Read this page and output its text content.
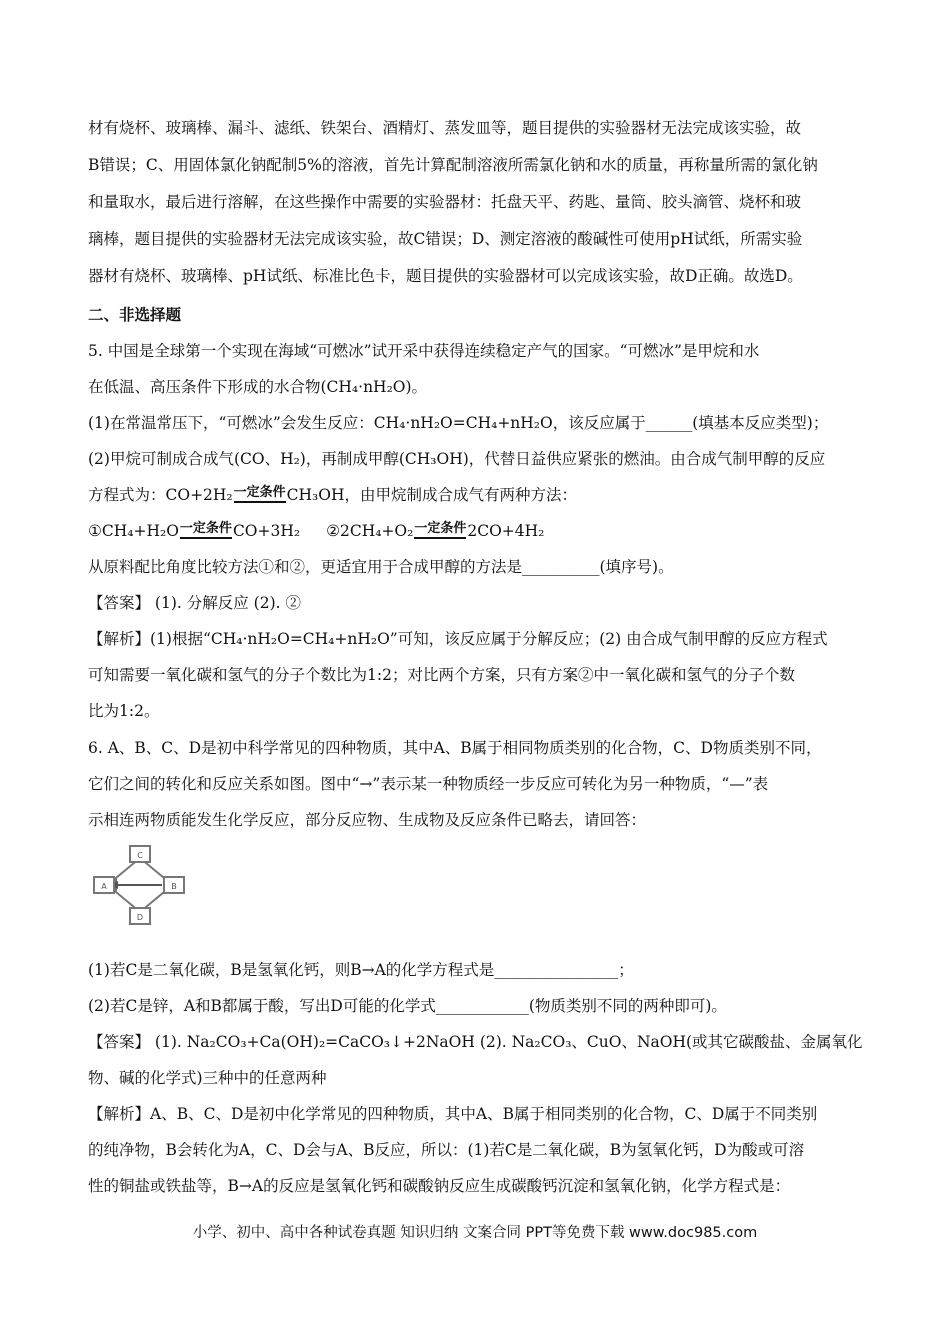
材有烧杯、玻璃棒、漏斗、滤纸、铁架台、酒精灯、蒸发皿等，题目提供的实验器材无法完成该实验，故
B错误；C、用固体氯化钠配制5%的溶液，首先计算配制溶液所需氯化钠和水的质量，再称量所需的氯化钠
和量取水，最后进行溶解，在这些操作中需要的实验器材：托盘天平、药匙、量筒、胶头滴管、烧杯和玻
璃棒，题目提供的实验器材无法完成该实验，故C错误；D、测定溶液的酸碱性可使用pH试纸，所需实验
器材有烧杯、玻璃棒、pH试纸、标准比色卡，题目提供的实验器材可以完成该实验，故D正确。故选D。
二、非选择题
5. 中国是全球第一个实现在海域“可燃冰”试开采中获得连续稳定产气的国家。“可燃冰”是甲烷和水
在低温、高压条件下形成的水合物(CH₄·nH₂O)。
(1)在常温常压下，“可燃冰”会发生反应：CH₄·nH₂O=CH₄+nH₂O，该反应属于______(填基本反应类型)；
(2)甲烷可制成合成气(CO、H₂)，再制成甲醇(CH₃OH)，代替日益供应紧张的燃油。由合成气制甲醇的反应
方程式为：CO+2H₂ 一定条件 CH₃OH，由甲烷制成合成气有两种方法：
①CH₄+H₂O 一定条件 CO+3H₂ ②2CH₄+O₂ 一定条件 2CO+4H₂
从原料配比角度比较方法①和②，更适宜用于合成甲醇的方法是__________(填序号)。
【答案】 (1). 分解反应 (2). ②
【解析】(1)根据“CH₄·nH₂O=CH₄+nH₂O”可知，该反应属于分解反应；(2) 由合成气制甲醇的反应方程式
可知需要一氧化碳和氢气的分子个数比为1:2；对比两个方案，只有方案②中一氧化碳和氢气的分子个数
比为1:2。
6. A、B、C、D是初中科学常见的四种物质，其中A、B属于相同物质类别的化合物，C、D物质类别不同，
它们之间的转化和反应关系如图。图中“→”表示某一种物质经一步反应可转化为另一种物质，“—”表
示相连两物质能发生化学反应，部分反应物、生成物及反应条件已略去，请回答：
C
D
A	B
(1)若C是二氧化碳，B是氢氧化钙，则B→A的化学方程式是________________；
(2)若C是锌，A和B都属于酸，写出D可能的化学式____________(物质类别不同的两种即可)。
【答案】 (1). Na₂CO₃+Ca(OH)₂=CaCO₃↓+2NaOH (2). Na₂CO₃、CuO、NaOH(或其它碳酸盐、金属氧化
物、碱的化学式)三种中的任意两种
【解析】A、B、C、D是初中化学常见的四种物质，其中A、B属于相同类别的化合物，C、D属于不同类别
的纯净物，B会转化为A，C、D会与A、B反应，所以：(1)若C是二氧化碳，B为氢氧化钙，D为酸或可溶
性的铜盐或铁盐等，B→A的反应是氢氧化钙和碳酸钠反应生成碳酸钙沉淀和氢氧化钠，化学方程式是：
小学、初中、高中各种试卷真题 知识归纳 文案合同 PPT等免费下载 www.doc985.com
